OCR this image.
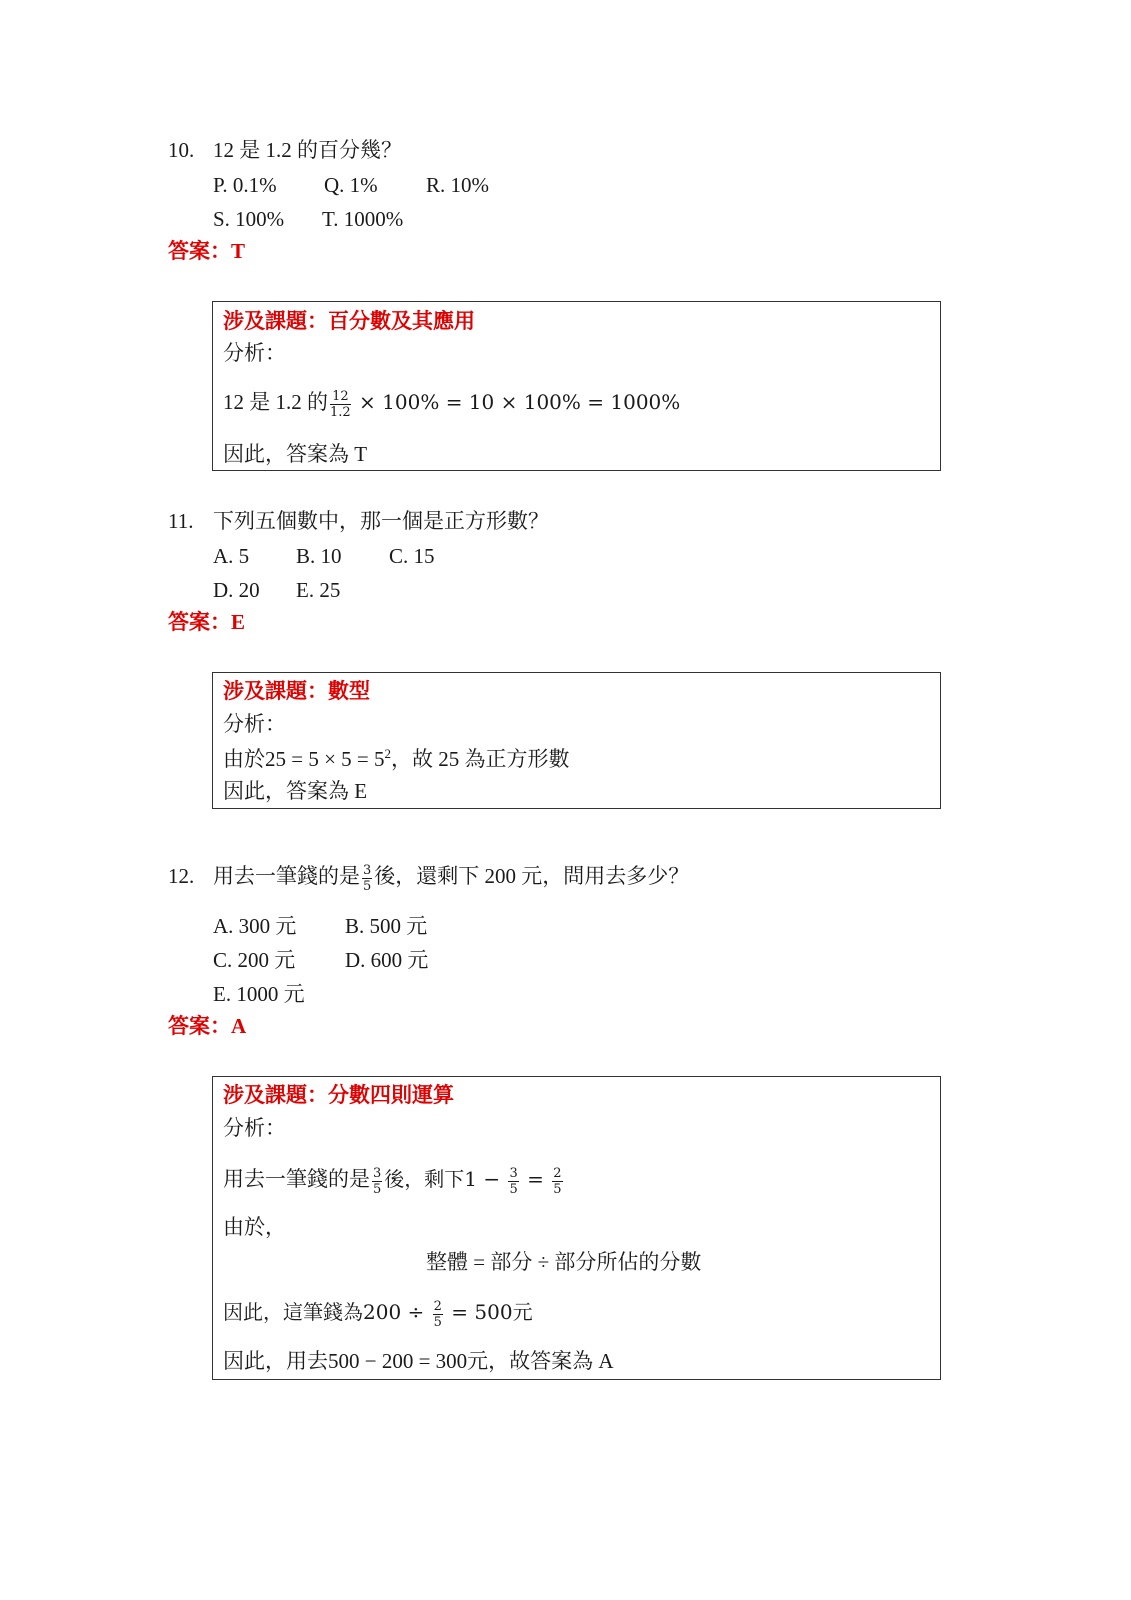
10. 12 是 1.2 的百分幾？
P. 0.1% Q. 1% R. 10%
S. 100% T. 1000%
答案：T
涉及課題：百分數及其應用
分析：
12 是 1.2 的 $\frac{12}{1.2} \times 100\% = 10 \times 100\% = 1000\%$
因此，答案為 T
11. 下列五個數中，那一個是正方形數？
A. 5 B. 10 C. 15
D. 20 E. 25
答案：E
涉及課題：數型
分析：
由於$25 = 5 \times 5 = 5^2$，故 25 為正方形數
因此，答案為 E
12. 用去一筆錢的是 $\frac{3}{5}$ 後，還剩下 200 元，問用去多少？
A. 300 元 B. 500 元
C. 200 元 D. 600 元
E. 1000 元
答案：A
涉及課題：分數四則運算
分析：
用去一筆錢的是 $\frac{3}{5}$ 後，剩下$1 - \frac{3}{5} = \frac{2}{5}$
由於，
整體 = 部分 ÷ 部分所佔的分數
因此，這筆錢為$200 \div \frac{2}{5} = 500$元
因此，用去500 − 200 = 300元，故答案為 A
